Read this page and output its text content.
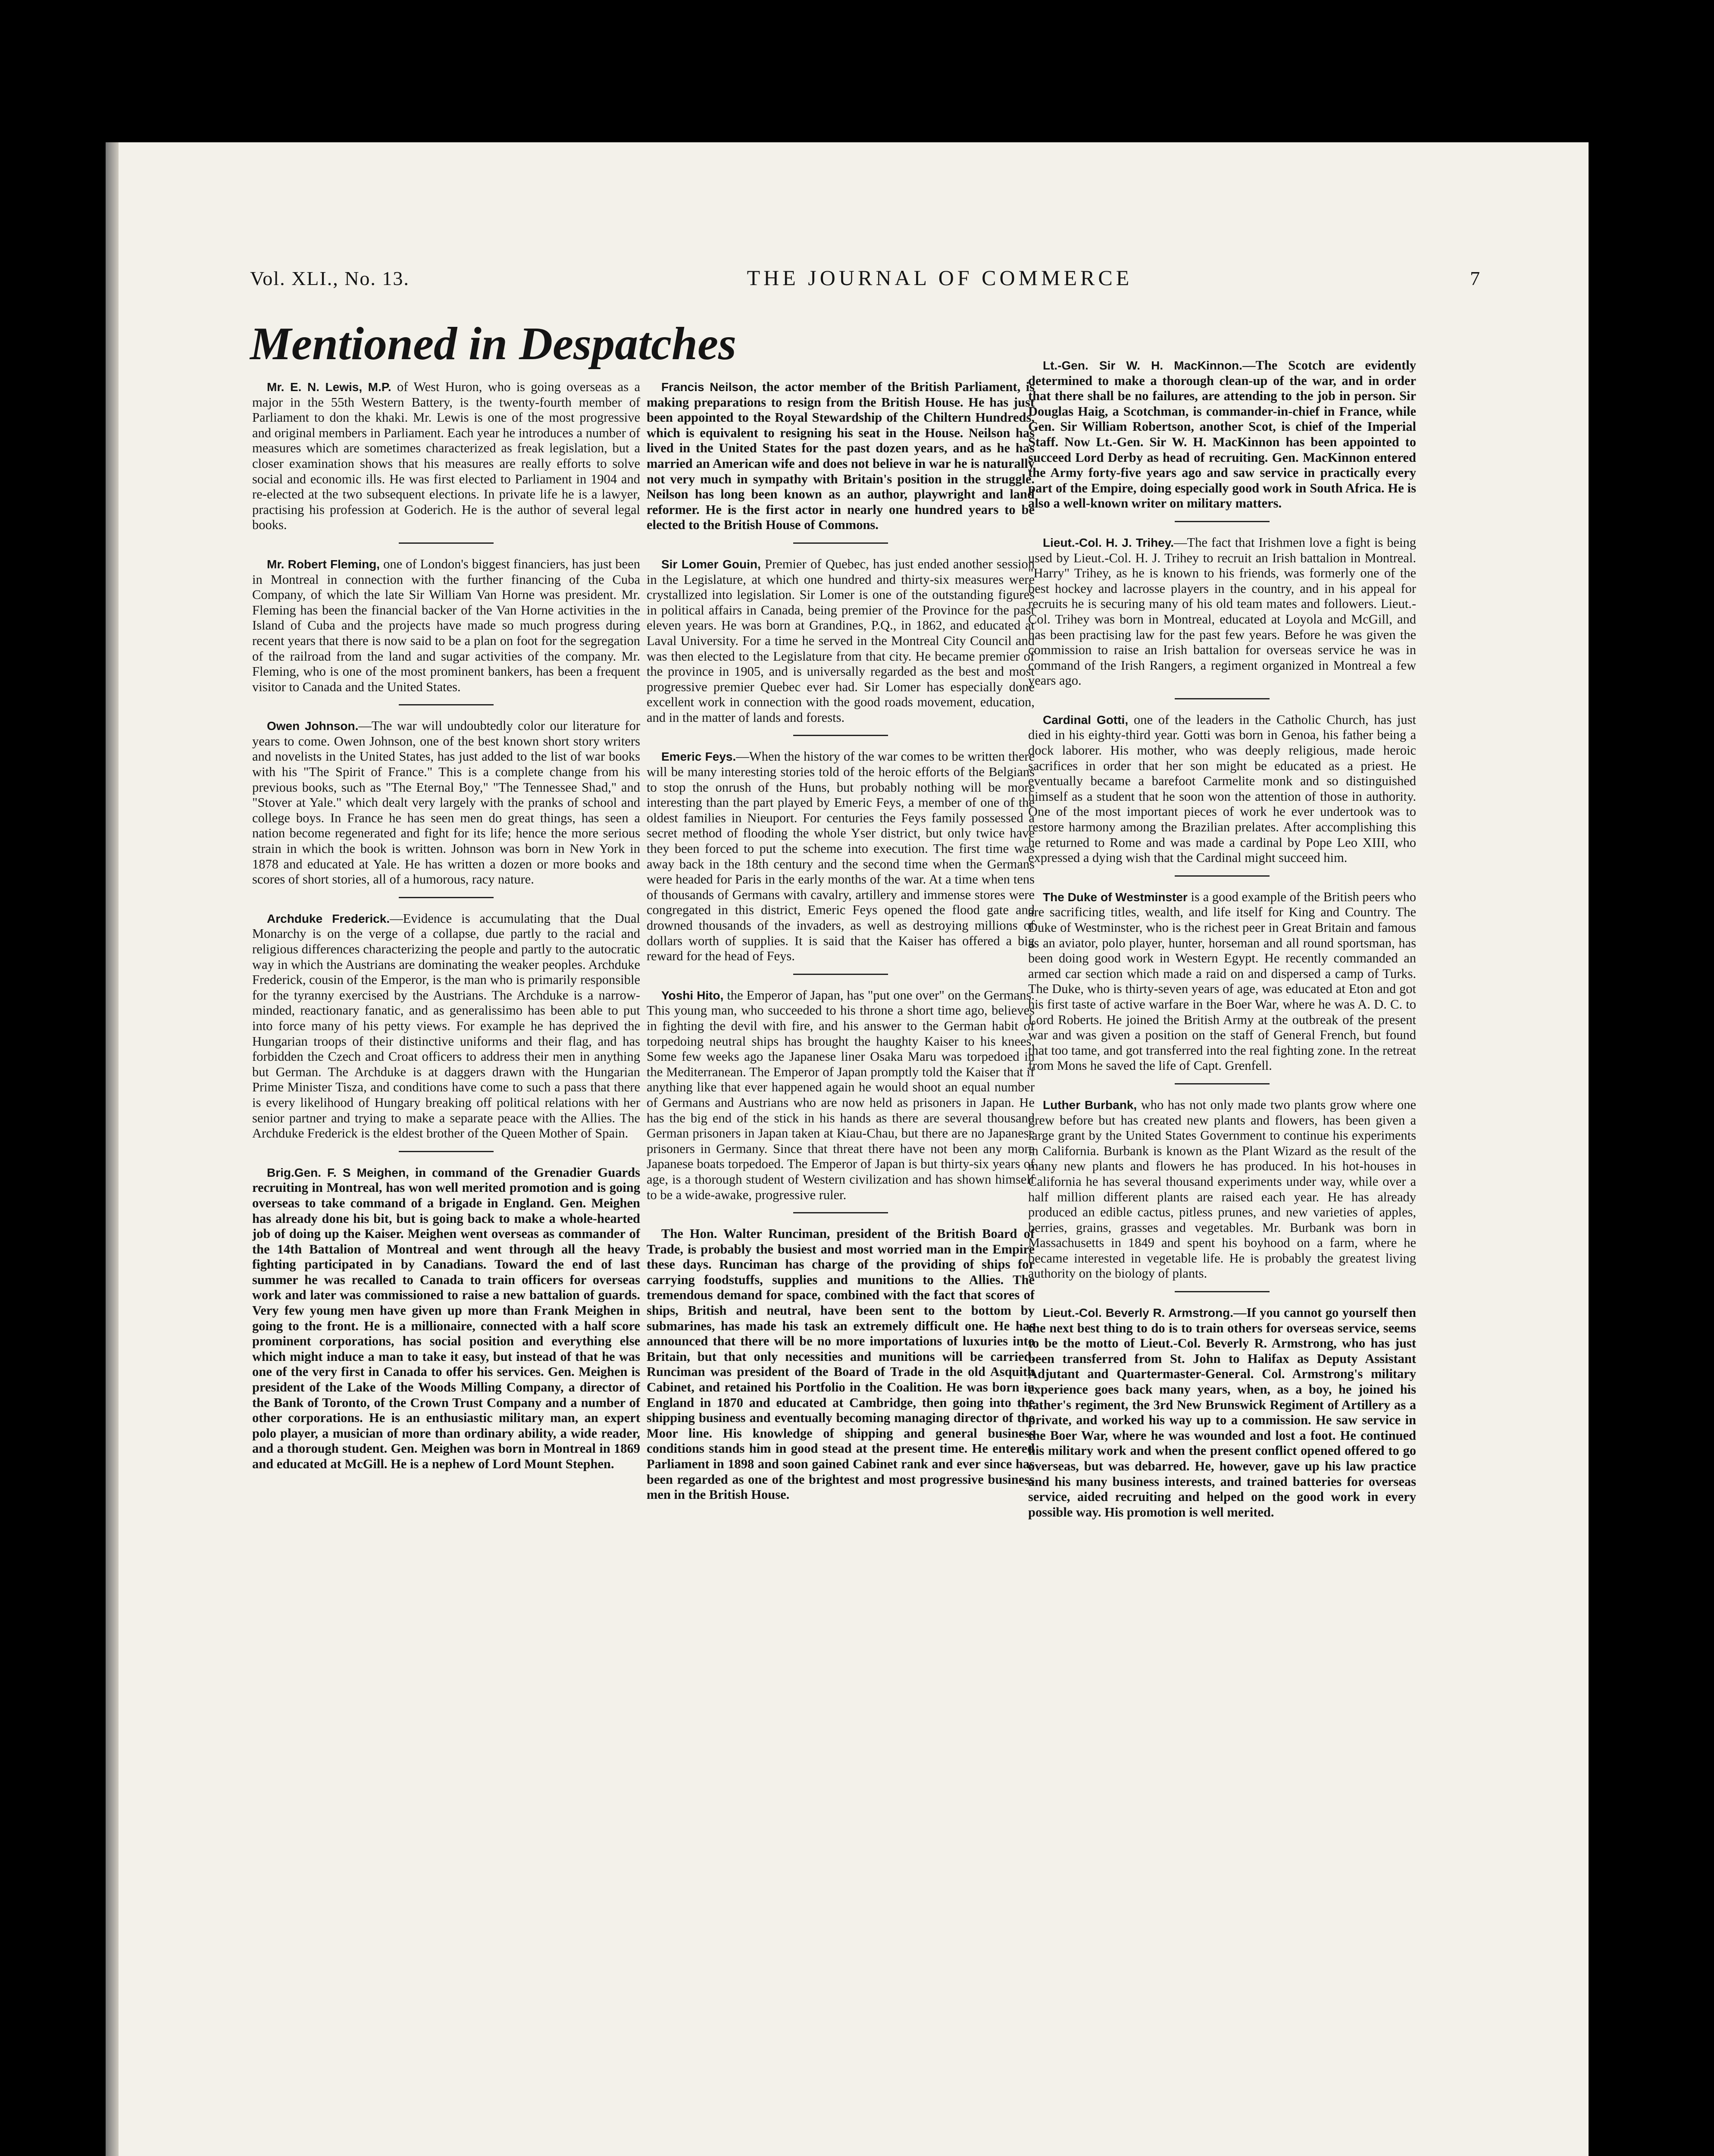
Vol. XLI., No. 13.	THE JOURNAL OF COMMERCE	7
Mentioned in Despatches

Mr. E. N. Lewis, M.P. of West Huron, who is going overseas as a major in the 55th Western Battery, is the twenty-fourth member of Parliament to don the khaki. Mr. Lewis is one of the most progressive and original members in Parliament. Each year he introduces a number of measures which are sometimes characterized as freak legislation, but a closer examination shows that his measures are really efforts to solve social and economic ills. He was first elected to Parliament in 1904 and re-elected at the two subsequent elections. In private life he is a lawyer, practising his profession at Goderich. He is the author of several legal books.

Mr. Robert Fleming, one of London's biggest financiers, has just been in Montreal in connection with the further financing of the Cuba Company, of which the late Sir William Van Horne was president. Mr. Fleming has been the financial backer of the Van Horne activities in the Island of Cuba and the projects have made so much progress during recent years that there is now said to be a plan on foot for the segregation of the railroad from the land and sugar activities of the company. Mr. Fleming, who is one of the most prominent bankers, has been a frequent visitor to Canada and the United States.

Owen Johnson.—The war will undoubtedly color our literature for years to come. Owen Johnson, one of the best known short story writers and novelists in the United States, has just added to the list of war books with his "The Spirit of France." This is a complete change from his previous books, such as "The Eternal Boy," "The Tennessee Shad," and "Stover at Yale." which dealt very largely with the pranks of school and college boys. In France he has seen men do great things, has seen a nation become regenerated and fight for its life; hence the more serious strain in which the book is written. Johnson was born in New York in 1878 and educated at Yale. He has written a dozen or more books and scores of short stories, all of a humorous, racy nature.

Archduke Frederick.—Evidence is accumulating that the Dual Monarchy is on the verge of a collapse, due partly to the racial and religious differences characterizing the people and partly to the autocratic way in which the Austrians are dominating the weaker peoples. Archduke Frederick, cousin of the Emperor, is the man who is primarily responsible for the tyranny exercised by the Austrians. The Archduke is a narrow-minded, reactionary fanatic, and as generalissimo has been able to put into force many of his petty views. For example he has deprived the Hungarian troops of their distinctive uniforms and their flag, and has forbidden the Czech and Croat officers to address their men in anything but German. The Archduke is at daggers drawn with the Hungarian Prime Minister Tisza, and conditions have come to such a pass that there is every likelihood of Hungary breaking off political relations with her senior partner and trying to make a separate peace with the Allies. The Archduke Frederick is the eldest brother of the Queen Mother of Spain.

Brig.Gen. F. S Meighen, in command of the Grenadier Guards recruiting in Montreal, has won well merited promotion and is going overseas to take command of a brigade in England. Gen. Meighen has already done his bit, but is going back to make a whole-hearted job of doing up the Kaiser. Meighen went overseas as commander of the 14th Battalion of Montreal and went through all the heavy fighting participated in by Canadians. Toward the end of last summer he was recalled to Canada to train officers for overseas work and later was commissioned to raise a new battalion of guards. Very few young men have given up more than Frank Meighen in going to the front. He is a millionaire, connected with a half score prominent corporations, has social position and everything else which might induce a man to take it easy, but instead of that he was one of the very first in Canada to offer his services. Gen. Meighen is president of the Lake of the Woods Milling Company, a director of the Bank of Toronto, of the Crown Trust Company and a number of other corporations. He is an enthusiastic military man, an expert polo player, a musician of more than ordinary ability, a wide reader, and a thorough student. Gen. Meighen was born in Montreal in 1869 and educated at McGill. He is a nephew of Lord Mount Stephen.

Francis Neilson, the actor member of the British Parliament, is making preparations to resign from the British House. He has just been appointed to the Royal Stewardship of the Chiltern Hundreds, which is equivalent to resigning his seat in the House. Neilson has lived in the United States for the past dozen years, and as he has married an American wife and does not believe in war he is naturally not very much in sympathy with Britain's position in the struggle. Neilson has long been known as an author, playwright and land reformer. He is the first actor in nearly one hundred years to be elected to the British House of Commons.

Sir Lomer Gouin, Premier of Quebec, has just ended another session in the Legislature, at which one hundred and thirty-six measures were crystallized into legislation. Sir Lomer is one of the outstanding figures in political affairs in Canada, being premier of the Province for the past eleven years. He was born at Grandines, P.Q., in 1862, and educated at Laval University. For a time he served in the Montreal City Council and was then elected to the Legislature from that city. He became premier of the province in 1905, and is universally regarded as the best and most progressive premier Quebec ever had. Sir Lomer has especially done excellent work in connection with the good roads movement, education, and in the matter of lands and forests.

Emeric Feys.—When the history of the war comes to be written there will be many interesting stories told of the heroic efforts of the Belgians to stop the onrush of the Huns, but probably nothing will be more interesting than the part played by Emeric Feys, a member of one of the oldest families in Nieuport. For centuries the Feys family possessed a secret method of flooding the whole Yser district, but only twice have they been forced to put the scheme into execution. The first time was away back in the 18th century and the second time when the Germans were headed for Paris in the early months of the war. At a time when tens of thousands of Germans with cavalry, artillery and immense stores were congregated in this district, Emeric Feys opened the flood gate and drowned thousands of the invaders, as well as destroying millions of dollars worth of supplies. It is said that the Kaiser has offered a big reward for the head of Feys.

Yoshi Hito, the Emperor of Japan, has "put one over" on the Germans. This young man, who succeeded to his throne a short time ago, believes in fighting the devil with fire, and his answer to the German habit of torpedoing neutral ships has brought the haughty Kaiser to his knees. Some few weeks ago the Japanese liner Osaka Maru was torpedoed in the Mediterranean. The Emperor of Japan promptly told the Kaiser that if anything like that ever happened again he would shoot an equal number of Germans and Austrians who are now held as prisoners in Japan. He has the big end of the stick in his hands as there are several thousand German prisoners in Japan taken at Kiau-Chau, but there are no Japanese prisoners in Germany. Since that threat there have not been any more Japanese boats torpedoed. The Emperor of Japan is but thirty-six years of age, is a thorough student of Western civilization and has shown himself to be a wide-awake, progressive ruler.

The Hon. Walter Runciman, president of the British Board of Trade, is probably the busiest and most worried man in the Empire these days. Runciman has charge of the providing of ships for carrying foodstuffs, supplies and munitions to the Allies. The tremendous demand for space, combined with the fact that scores of ships, British and neutral, have been sent to the bottom by submarines, has made his task an extremely difficult one. He has announced that there will be no more importations of luxuries into Britain, but that only necessities and munitions will be carried. Runciman was president of the Board of Trade in the old Asquith Cabinet, and retained his Portfolio in the Coalition. He was born in England in 1870 and educated at Cambridge, then going into the shipping business and eventually becoming managing director of the Moor line. His knowledge of shipping and general business conditions stands him in good stead at the present time. He entered Parliament in 1898 and soon gained Cabinet rank and ever since has been regarded as one of the brightest and most progressive business men in the British House.

Lt.-Gen. Sir W. H. MacKinnon.—The Scotch are evidently determined to make a thorough clean-up of the war, and in order that there shall be no failures, are attending to the job in person. Sir Douglas Haig, a Scotchman, is commander-in-chief in France, while Gen. Sir William Robertson, another Scot, is chief of the Imperial Staff. Now Lt.-Gen. Sir W. H. MacKinnon has been appointed to succeed Lord Derby as head of recruiting. Gen. MacKinnon entered the Army forty-five years ago and saw service in practically every part of the Empire, doing especially good work in South Africa. He is also a well-known writer on military matters.

Lieut.-Col. H. J. Trihey.—The fact that Irishmen love a fight is being used by Lieut.-Col. H. J. Trihey to recruit an Irish battalion in Montreal. "Harry" Trihey, as he is known to his friends, was formerly one of the best hockey and lacrosse players in the country, and in his appeal for recruits he is securing many of his old team mates and followers. Lieut.-Col. Trihey was born in Montreal, educated at Loyola and McGill, and has been practising law for the past few years. Before he was given the commission to raise an Irish battalion for overseas service he was in command of the Irish Rangers, a regiment organized in Montreal a few years ago.

Cardinal Gotti, one of the leaders in the Catholic Church, has just died in his eighty-third year. Gotti was born in Genoa, his father being a dock laborer. His mother, who was deeply religious, made heroic sacrifices in order that her son might be educated as a priest. He eventually became a barefoot Carmelite monk and so distinguished himself as a student that he soon won the attention of those in authority. One of the most important pieces of work he ever undertook was to restore harmony among the Brazilian prelates. After accomplishing this he returned to Rome and was made a cardinal by Pope Leo XIII, who expressed a dying wish that the Cardinal might succeed him.

The Duke of Westminster is a good example of the British peers who are sacrificing titles, wealth, and life itself for King and Country. The Duke of Westminster, who is the richest peer in Great Britain and famous as an aviator, polo player, hunter, horseman and all round sportsman, has been doing good work in Western Egypt. He recently commanded an armed car section which made a raid on and dispersed a camp of Turks. The Duke, who is thirty-seven years of age, was educated at Eton and got his first taste of active warfare in the Boer War, where he was A. D. C. to Lord Roberts. He joined the British Army at the outbreak of the present war and was given a position on the staff of General French, but found that too tame, and got transferred into the real fighting zone. In the retreat from Mons he saved the life of Capt. Grenfell.

Luther Burbank, who has not only made two plants grow where one grew before but has created new plants and flowers, has been given a large grant by the United States Government to continue his experiments in California. Burbank is known as the Plant Wizard as the result of the many new plants and flowers he has produced. In his hot-houses in California he has several thousand experiments under way, while over a half million different plants are raised each year. He has already produced an edible cactus, pitless prunes, and new varieties of apples, berries, grains, grasses and vegetables. Mr. Burbank was born in Massachusetts in 1849 and spent his boyhood on a farm, where he became interested in vegetable life. He is probably the greatest living authority on the biology of plants.

Lieut.-Col. Beverly R. Armstrong.—If you cannot go yourself then the next best thing to do is to train others for overseas service, seems to be the motto of Lieut.-Col. Beverly R. Armstrong, who has just been transferred from St. John to Halifax as Deputy Assistant Adjutant and Quartermaster-General. Col. Armstrong's military experience goes back many years, when, as a boy, he joined his father's regiment, the 3rd New Brunswick Regiment of Artillery as a private, and worked his way up to a commission. He saw service in the Boer War, where he was wounded and lost a foot. He continued his military work and when the present conflict opened offered to go overseas, but was debarred. He, however, gave up his law practice and his many business interests, and trained batteries for overseas service, aided recruiting and helped on the good work in every possible way. His promotion is well merited.
